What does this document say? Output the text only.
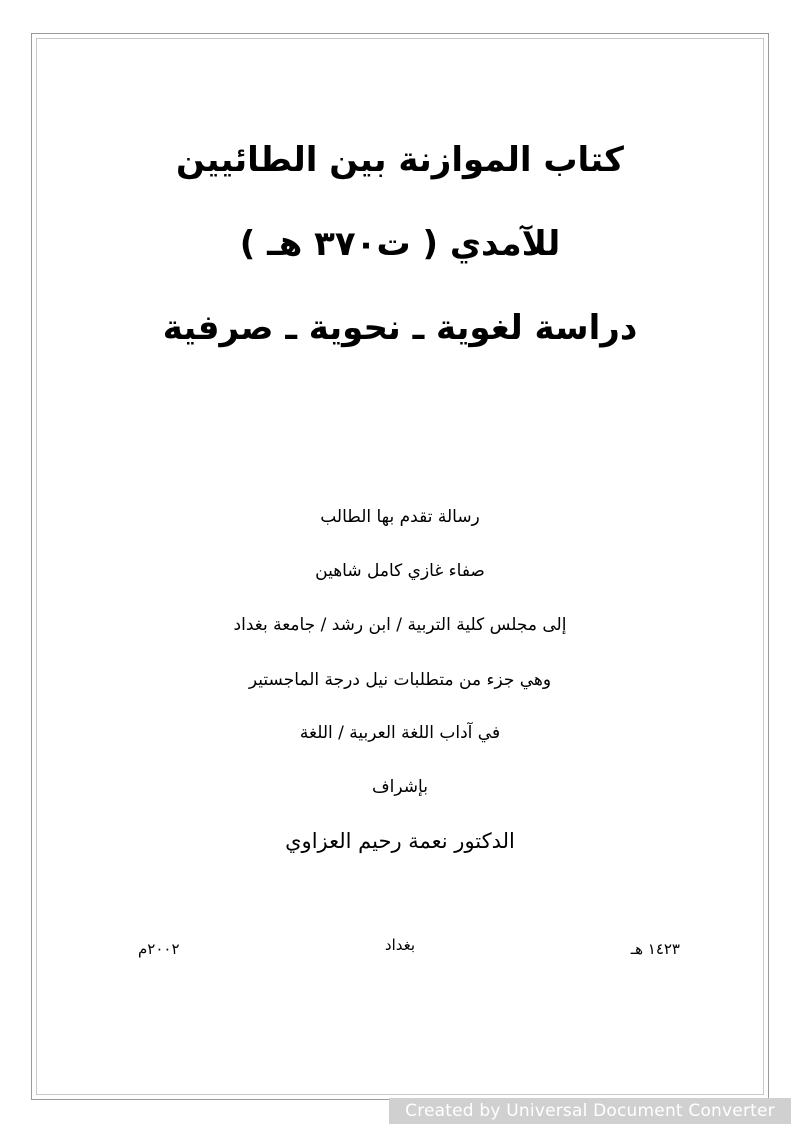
كتاب الموازنة بين الطائيين
للآمدي ( ت٣٧٠ هـ )
دراسة لغوية ـ نحوية ـ صرفية
رسالة تقدم بها الطالب
صفاء غازي كامل شاهين
إلى مجلس كلية التربية / ابن رشد / جامعة بغداد
وهي جزء من متطلبات نيل درجة الماجستير
في آداب اللغة العربية / اللغة
بإشراف
الدكتور نعمة رحيم العزاوي
١٤٢٣ هـ
بغداد
٢٠٠٢م
Created by Universal Document Converter
